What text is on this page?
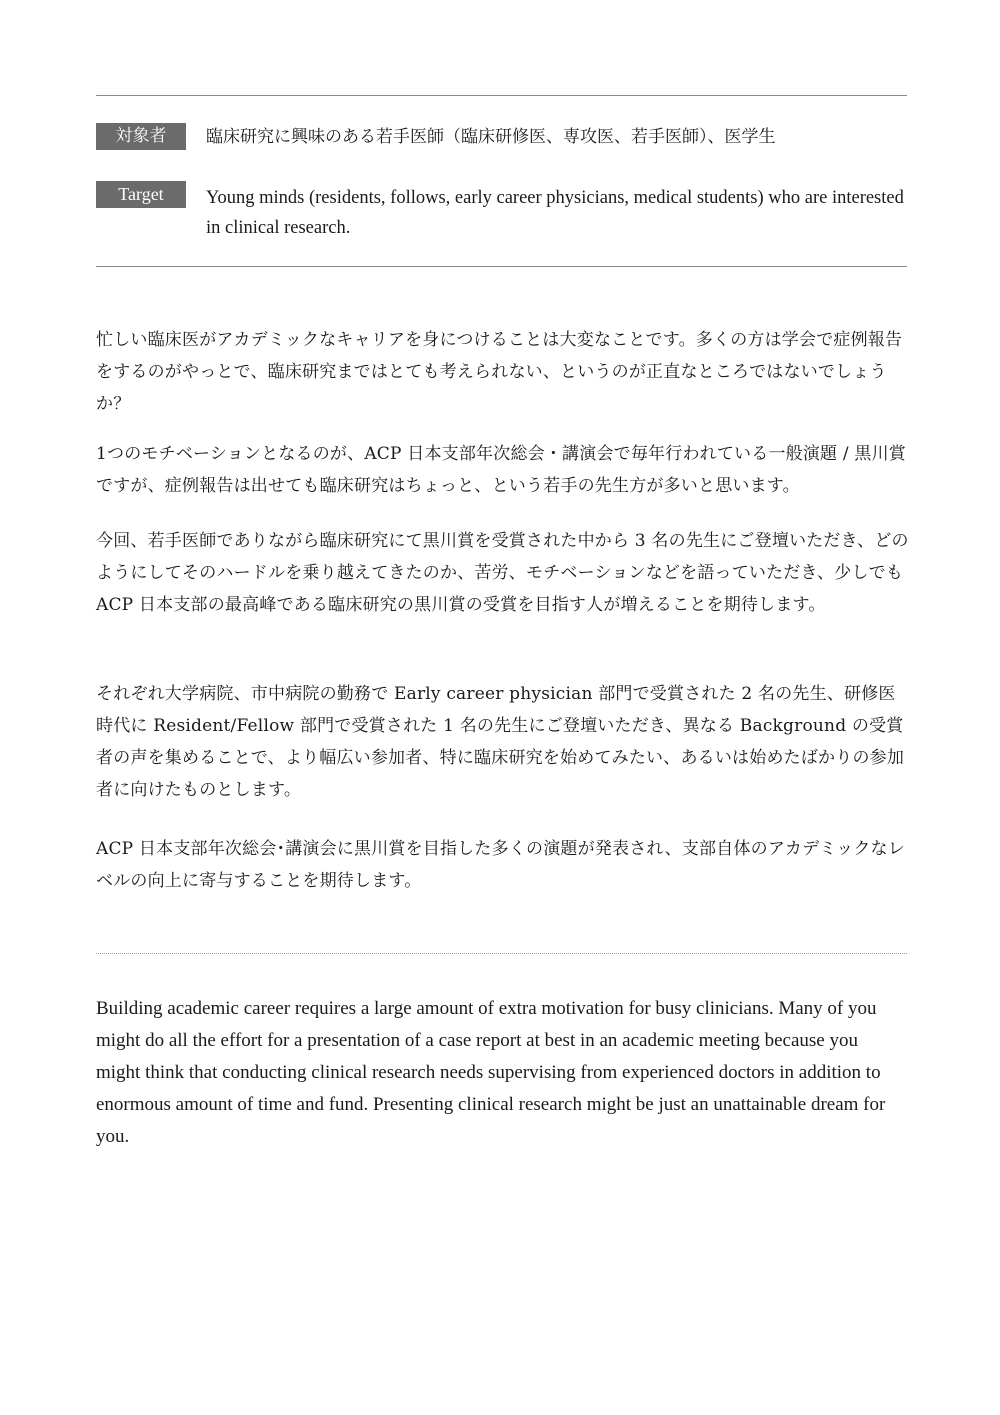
対象者	臨床研究に興味のある若手医師（臨床研修医、専攻医、若手医師）、医学生
Target	Young minds (residents, follows, early career physicians, medical students) who are interested in clinical research.

忙しい臨床医がアカデミックなキャリアを身につけることは大変なことです。多くの方は学会で症例報告をするのがやっとで、臨床研究まではとても考えられない、というのが正直なところではないでしょうか？

1つのモチベーションとなるのが、ACP 日本支部年次総会・講演会で毎年行われている一般演題 / 黒川賞ですが、症例報告は出せても臨床研究はちょっと、という若手の先生方が多いと思います。

今回、若手医師でありながら臨床研究にて黒川賞を受賞された中から 3 名の先生にご登壇いただき、どのようにしてそのハードルを乗り越えてきたのか、苦労、モチベーションなどを語っていただき、少しでも ACP 日本支部の最高峰である臨床研究の黒川賞の受賞を目指す人が増えることを期待します。

それぞれ大学病院、市中病院の勤務で Early career physician 部門で受賞された 2 名の先生、研修医時代に Resident/Fellow 部門で受賞された 1 名の先生にご登壇いただき、異なる Background の受賞者の声を集めることで、より幅広い参加者、特に臨床研究を始めてみたい、あるいは始めたばかりの参加者に向けたものとします。

ACP 日本支部年次総会･講演会に黒川賞を目指した多くの演題が発表され、支部自体のアカデミックなレベルの向上に寄与することを期待します。

Building academic career requires a large amount of extra motivation for busy clinicians. Many of you might do all the effort for a presentation of a case report at best in an academic meeting because you might think that conducting clinical research needs supervising from experienced doctors in addition to enormous amount of time and fund. Presenting clinical research might be just an unattainable dream for you.
